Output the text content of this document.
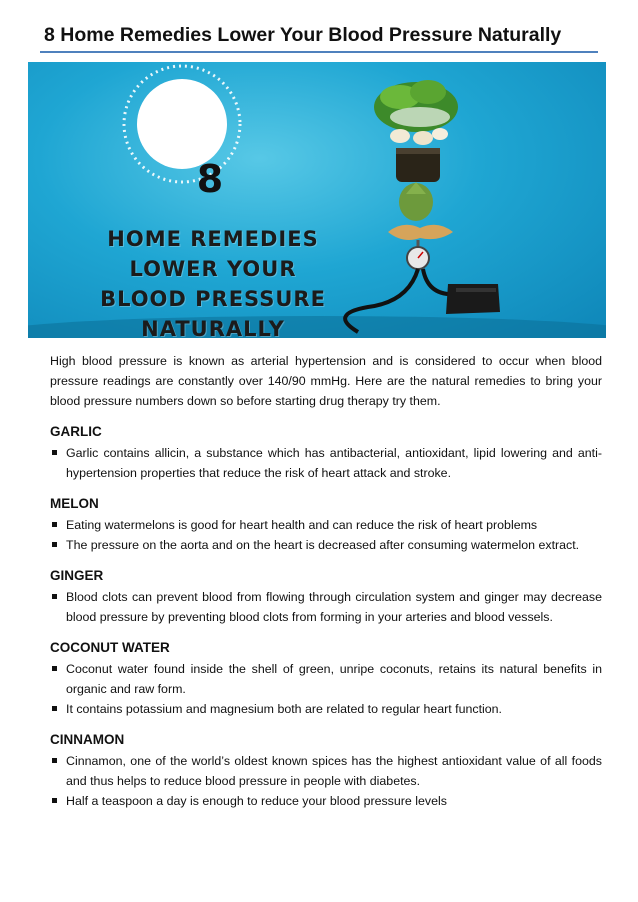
8 Home Remedies Lower Your Blood Pressure Naturally
8
HOME REMEDIES
LOWER YOUR
BLOOD PRESSURE
NATURALLY

High blood pressure is known as arterial hypertension and is considered to occur when blood pressure readings are constantly over 140/90 mmHg. Here are the natural remedies to bring your blood pressure numbers down so before starting drug therapy try them.

GARLIC
Garlic contains allicin, a substance which has antibacterial, antioxidant, lipid lowering and anti-hypertension properties that reduce the risk of heart attack and stroke.
MELON
Eating watermelons is good for heart health and can reduce the risk of heart problems
The pressure on the aorta and on the heart is decreased after consuming watermelon extract.
GINGER
Blood clots can prevent blood from flowing through circulation system and ginger may decrease blood pressure by preventing blood clots from forming in your arteries and blood vessels.
COCONUT WATER
Coconut water found inside the shell of green, unripe coconuts, retains its natural benefits in organic and raw form.
It contains potassium and magnesium both are related to regular heart function.
CINNAMON
Cinnamon, one of the world’s oldest known spices has the highest antioxidant value of all foods and thus helps to reduce blood pressure in people with diabetes.
Half a teaspoon a day is enough to reduce your blood pressure levels
